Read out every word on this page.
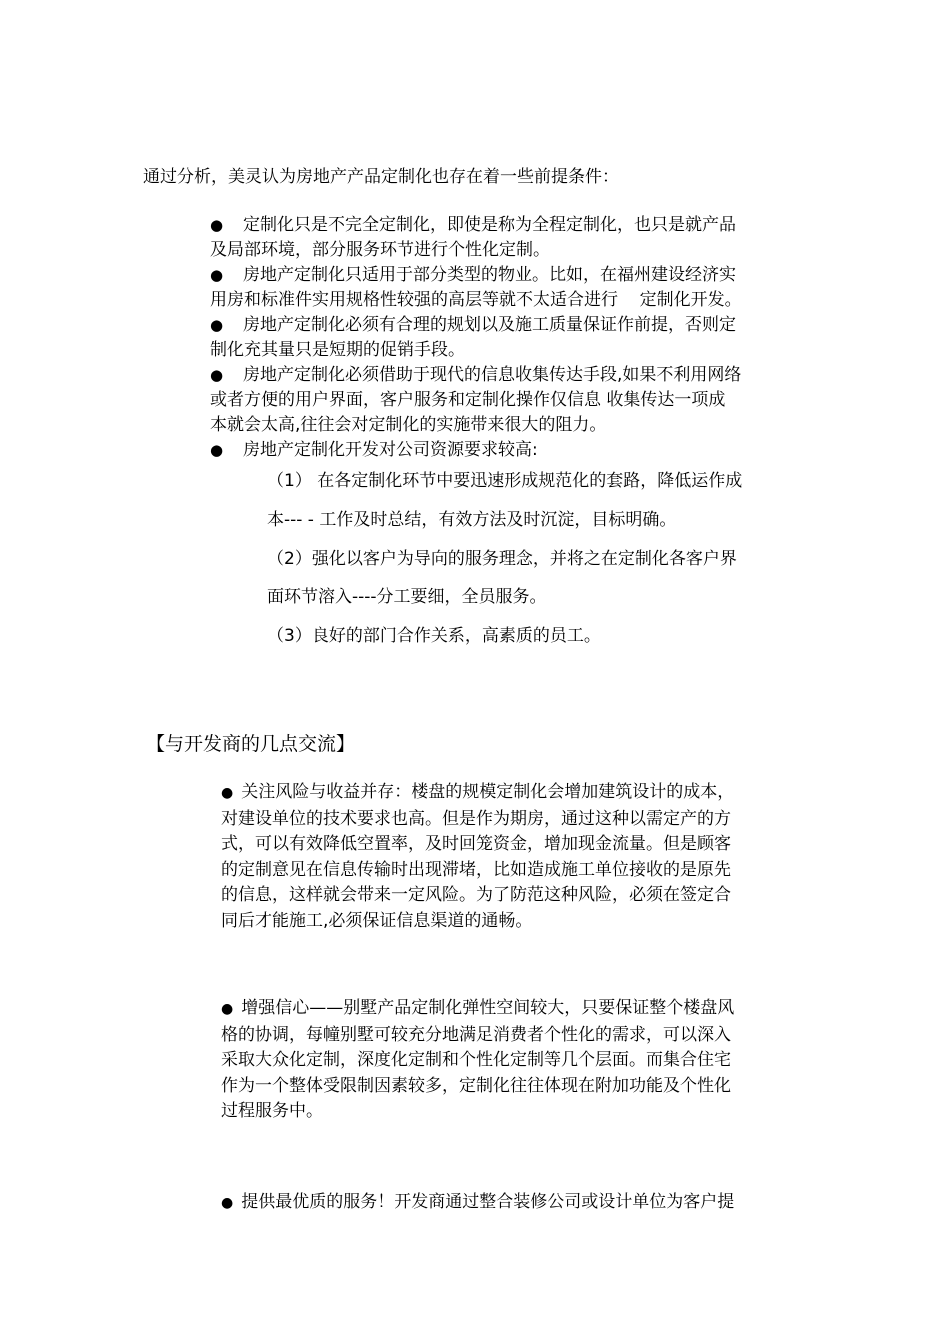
通过分析，美灵认为房地产产品定制化也存在着一些前提条件：

● 定制化只是不完全定制化，即使是称为全程定制化，也只是就产品
及局部环境，部分服务环节进行个性化定制。

● 房地产定制化只适用于部分类型的物业。比如，在福州建设经济实
用房和标准件实用规格性较强的高层等就不太适合进行    定制化开发。

● 房地产定制化必须有合理的规划以及施工质量保证作前提，否则定
制化充其量只是短期的促销手段。

● 房地产定制化必须借助于现代的信息收集传达手段,如果不利用网络
或者方便的用户界面，客户服务和定制化操作仅信息 收集传达一项成
本就会太高,往往会对定制化的实施带来很大的阻力。

● 房地产定制化开发对公司资源要求较高:

（1） 在各定制化环节中要迅速形成规范化的套路，降低运作成
本--- - 工作及时总结，有效方法及时沉淀，目标明确。
（2）强化以客户为导向的服务理念，并将之在定制化各客户界
面环节溶入----分工要细，全员服务。
（3）良好的部门合作关系，高素质的员工。
【与开发商的几点交流】
● 关注风险与收益并存：楼盘的规模定制化会增加建筑设计的成本，
对建设单位的技术要求也高。但是作为期房，通过这种以需定产的方
式，可以有效降低空置率，及时回笼资金，增加现金流量。但是顾客
的定制意见在信息传输时出现滞堵，比如造成施工单位接收的是原先
的信息，这样就会带来一定风险。为了防范这种风险，必须在签定合
同后才能施工,必须保证信息渠道的通畅。
● 增强信心——别墅产品定制化弹性空间较大，只要保证整个楼盘风
格的协调，每幢别墅可较充分地满足消费者个性化的需求，可以深入
采取大众化定制，深度化定制和个性化定制等几个层面。而集合住宅
作为一个整体受限制因素较多，定制化往往体现在附加功能及个性化
过程服务中。
● 提供最优质的服务！开发商通过整合装修公司或设计单位为客户提
